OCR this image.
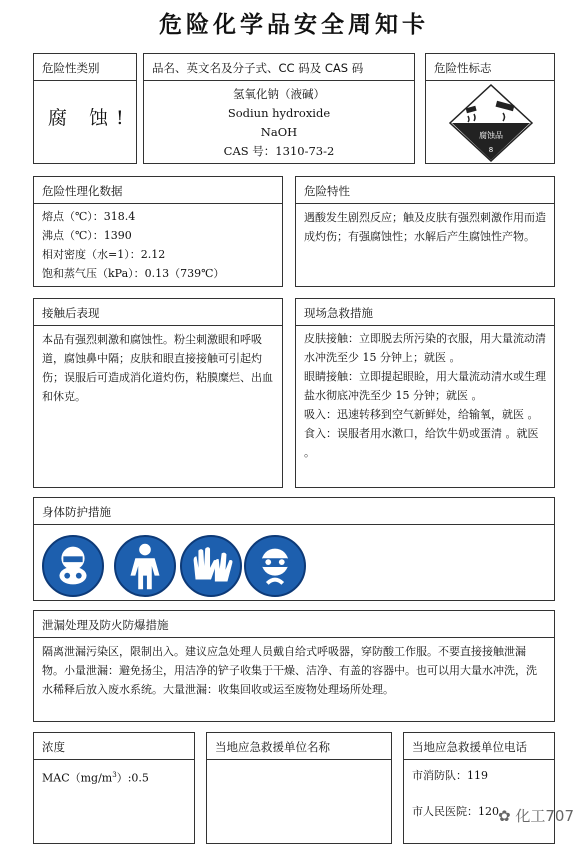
危险化学品安全周知卡
危险性类别
腐 蚀!
品名、英文名及分子式、CC 码及 CAS 码

氢氧化钠（液碱）

Sodiun hydroxide

NaOH

CAS 号：1310-73-2

危险性标志
腐蚀品
8
危险性理化数据

熔点（℃）：318.4

沸点（℃）：1390

相对密度（水=1）：2.12

饱和蒸气压（kPa）：0.13（739℃）

危险特性

遇酸发生剧烈反应；触及皮肤有强烈刺激作用而造成灼伤；有强腐蚀性；水解后产生腐蚀性产物。

接触后表现

本品有强烈刺激和腐蚀性。粉尘刺激眼和呼吸道，腐蚀鼻中隔；皮肤和眼直接接触可引起灼伤；误服后可造成消化道灼伤，粘膜糜烂、出血和休克。

现场急救措施

皮肤接触：立即脱去所污染的衣服，用大量流动清水冲洗至少 15 分钟上；就医 。

眼睛接触：立即提起眼睑，用大量流动清水或生理盐水彻底冲洗至少 15 分钟；就医 。

吸入：迅速转移到空气新鲜处，给输氧，就医 。

食入：误服者用水漱口，给饮牛奶或蛋清 。就医 。

身体防护措施
泄漏处理及防火防爆措施

隔离泄漏污染区，限制出入。建议应急处理人员戴自给式呼吸器，穿防酸工作服。不要直接接触泄漏物。小量泄漏：避免扬尘，用洁净的铲子收集于干燥、洁净、有盖的容器中。也可以用大量水冲洗，洗水稀释后放入废水系统。大量泄漏：收集回收或运至废物处理场所处理。

浓度

$MAC(mg/m^3):0.5$

当地应急救援单位名称	当地应急救援单位电话

市消防队：119

市人民医院：120 ✿ 化工707
